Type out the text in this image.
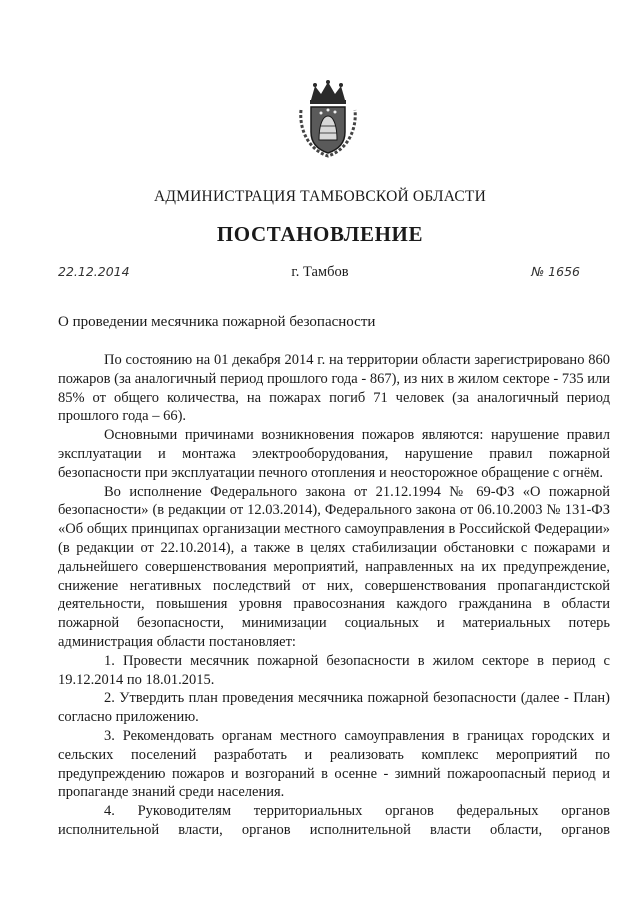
АДМИНИСТРАЦИЯ ТАМБОВСКОЙ ОБЛАСТИ
ПОСТАНОВЛЕНИЕ
22.12.2014	г. Тамбов	№ 1656
О проведении месячника пожарной безопасности

По состоянию на 01 декабря 2014 г. на территории области зарегистрировано 860 пожаров (за аналогичный период прошлого года - 867), из них в жилом секторе - 735 или 85% от общего количества, на пожарах погиб 71 человек (за аналогичный период прошлого года – 66).

Основными причинами возникновения пожаров являются: нарушение правил эксплуатации и монтажа электрооборудования, нарушение правил пожарной безопасности при эксплуатации печного отопления и неосторожное обращение с огнём.

Во исполнение Федерального закона от 21.12.1994 № 69-ФЗ «О пожарной безопасности» (в редакции от 12.03.2014), Федерального закона от 06.10.2003 № 131-ФЗ «Об общих принципах организации местного самоуправления в Российской Федерации» (в редакции от 22.10.2014), а также в целях стабилизации обстановки с пожарами и дальнейшего совершенствования мероприятий, направленных на их предупреждение, снижение негативных последствий от них, совершенствования пропагандистской деятельности, повышения уровня правосознания каждого гражданина в области пожарной безопасности, минимизации социальных и материальных потерь администрация области постановляет:

1. Провести месячник пожарной безопасности в жилом секторе в период с 19.12.2014 по 18.01.2015.

2. Утвердить план проведения месячника пожарной безопасности (далее - План) согласно приложению.

3. Рекомендовать органам местного самоуправления в границах городских и сельских поселений разработать и реализовать комплекс мероприятий по предупреждению пожаров и возгораний в осенне - зимний пожароопасный период и пропаганде знаний среди населения.

4. Руководителям территориальных органов федеральных органов исполнительной власти, органов исполнительной власти области, органов
